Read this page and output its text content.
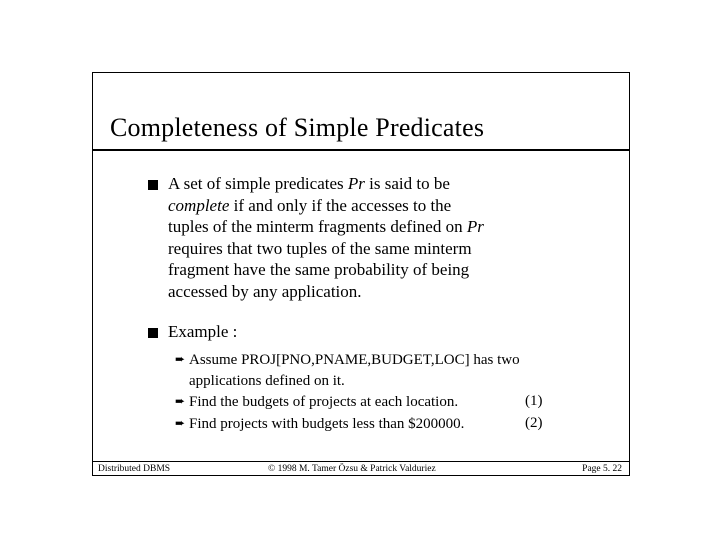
Completeness of Simple Predicates

A set of simple predicates Pr is said to be

complete if and only if the accesses to the

tuples of the minterm fragments defined on Pr

requires that two tuples of the same minterm

fragment have the same probability of being

accessed by any application.

Example :
➨ Assume PROJ[PNO,PNAME,BUDGET,LOC] has two
applications defined on it.
➨ Find the budgets of projects at each location.	(1)
➨ Find projects with budgets less than $200000.	(2)
Distributed DBMS	© 1998 M. Tamer Özsu & Patrick Valduriez	Page 5. 22
